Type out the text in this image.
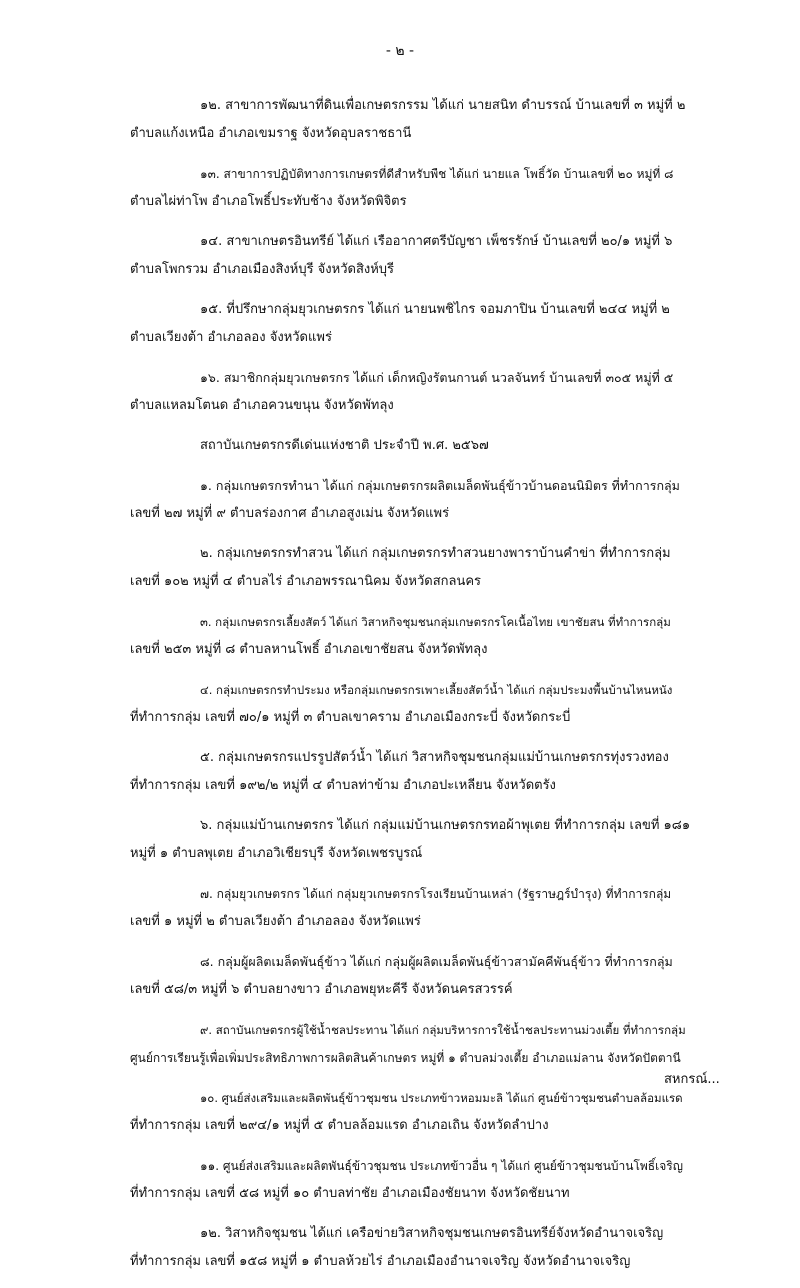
- ๒ -
๑๒. สาขาการพัฒนาที่ดินเพื่อเกษตรกรรม ได้แก่ นายสนิท ดำบรรณ์ บ้านเลขที่ ๓ หมู่ที่ ๒
ตำบลแก้งเหนือ อำเภอเขมราฐ จังหวัดอุบลราชธานี
๑๓. สาขาการปฏิบัติทางการเกษตรที่ดีสำหรับพืช ได้แก่ นายแล โพธิ์วัด บ้านเลขที่ ๒๐ หมู่ที่ ๘
ตำบลไผ่ท่าโพ อำเภอโพธิ์ประทับช้าง จังหวัดพิจิตร
๑๔. สาขาเกษตรอินทรีย์ ได้แก่ เรืออากาศตรีบัญชา เพ็ชรรักษ์ บ้านเลขที่ ๒๐/๑ หมู่ที่ ๖
ตำบลโพกรวม อำเภอเมืองสิงห์บุรี จังหวัดสิงห์บุรี
๑๕. ที่ปรึกษากลุ่มยุวเกษตรกร ได้แก่ นายนพชิไกร จอมภาปิน บ้านเลขที่ ๒๔๔ หมู่ที่ ๒
ตำบลเวียงต้า อำเภอลอง จังหวัดแพร่
๑๖. สมาชิกกลุ่มยุวเกษตรกร ได้แก่ เด็กหญิงรัตนกานต์ นวลจันทร์ บ้านเลขที่ ๓๐๕ หมู่ที่ ๕
ตำบลแหลมโตนด อำเภอควนขนุน จังหวัดพัทลุง
สถาบันเกษตรกรดีเด่นแห่งชาติ ประจำปี พ.ศ. ๒๕๖๗
๑. กลุ่มเกษตรกรทำนา ได้แก่ กลุ่มเกษตรกรผลิตเมล็ดพันธุ์ข้าวบ้านดอนนิมิตร ที่ทำการกลุ่ม
เลขที่ ๒๗ หมู่ที่ ๙ ตำบลร่องกาศ อำเภอสูงเม่น จังหวัดแพร่
๒. กลุ่มเกษตรกรทำสวน ได้แก่ กลุ่มเกษตรกรทำสวนยางพาราบ้านคำข่า ที่ทำการกลุ่ม
เลขที่ ๑๐๒ หมู่ที่ ๔ ตำบลไร่ อำเภอพรรณานิคม จังหวัดสกลนคร
๓. กลุ่มเกษตรกรเลี้ยงสัตว์ ได้แก่ วิสาหกิจชุมชนกลุ่มเกษตรกรโคเนื้อไทย เขาชัยสน ที่ทำการกลุ่ม
เลขที่ ๒๕๓ หมู่ที่ ๘ ตำบลหานโพธิ์ อำเภอเขาชัยสน จังหวัดพัทลุง
๔. กลุ่มเกษตรกรทำประมง หรือกลุ่มเกษตรกรเพาะเลี้ยงสัตว์น้ำ ได้แก่ กลุ่มประมงพื้นบ้านไหนหนัง
ที่ทำการกลุ่ม เลขที่ ๗๐/๑ หมู่ที่ ๓ ตำบลเขาคราม อำเภอเมืองกระบี่ จังหวัดกระบี่
๕. กลุ่มเกษตรกรแปรรูปสัตว์น้ำ ได้แก่ วิสาหกิจชุมชนกลุ่มแม่บ้านเกษตรกรทุ่งรวงทอง
ที่ทำการกลุ่ม เลขที่ ๑๙๒/๒ หมู่ที่ ๔ ตำบลท่าข้าม อำเภอปะเหลียน จังหวัดตรัง
๖. กลุ่มแม่บ้านเกษตรกร ได้แก่ กลุ่มแม่บ้านเกษตรกรทอผ้าพุเตย ที่ทำการกลุ่ม เลขที่ ๑๘๑
หมู่ที่ ๑ ตำบลพุเตย อำเภอวิเชียรบุรี จังหวัดเพชรบูรณ์
๗. กลุ่มยุวเกษตรกร ได้แก่ กลุ่มยุวเกษตรกรโรงเรียนบ้านเหล่า (รัฐราษฎร์บำรุง) ที่ทำการกลุ่ม
เลขที่ ๑ หมู่ที่ ๒ ตำบลเวียงต้า อำเภอลอง จังหวัดแพร่
๘. กลุ่มผู้ผลิตเมล็ดพันธุ์ข้าว ได้แก่ กลุ่มผู้ผลิตเมล็ดพันธุ์ข้าวสามัคคีพันธุ์ข้าว ที่ทำการกลุ่ม
เลขที่ ๕๘/๓ หมู่ที่ ๖ ตำบลยางขาว อำเภอพยุหะคีรี จังหวัดนครสวรรค์
๙. สถาบันเกษตรกรผู้ใช้น้ำชลประทาน ได้แก่ กลุ่มบริหารการใช้น้ำชลประทานม่วงเตี้ย ที่ทำการกลุ่ม
ศูนย์การเรียนรู้เพื่อเพิ่มประสิทธิภาพการผลิตสินค้าเกษตร หมู่ที่ ๑ ตำบลม่วงเตี้ย อำเภอแม่ลาน จังหวัดปัตตานี
๑๐. ศูนย์ส่งเสริมและผลิตพันธุ์ข้าวชุมชน ประเภทข้าวหอมมะลิ ได้แก่ ศูนย์ข้าวชุมชนตำบลล้อมแรด
ที่ทำการกลุ่ม เลขที่ ๒๙๔/๑ หมู่ที่ ๕ ตำบลล้อมแรด อำเภอเถิน จังหวัดลำปาง
๑๑. ศูนย์ส่งเสริมและผลิตพันธุ์ข้าวชุมชน ประเภทข้าวอื่น ๆ ได้แก่ ศูนย์ข้าวชุมชนบ้านโพธิ์เจริญ
ที่ทำการกลุ่ม เลขที่ ๕๘ หมู่ที่ ๑๐ ตำบลท่าชัย อำเภอเมืองชัยนาท จังหวัดชัยนาท
๑๒. วิสาหกิจชุมชน ได้แก่ เครือข่ายวิสาหกิจชุมชนเกษตรอินทรีย์จังหวัดอำนาจเจริญ
ที่ทำการกลุ่ม เลขที่ ๑๕๘ หมู่ที่ ๑ ตำบลห้วยไร่ อำเภอเมืองอำนาจเจริญ จังหวัดอำนาจเจริญ
สหกรณ์...
